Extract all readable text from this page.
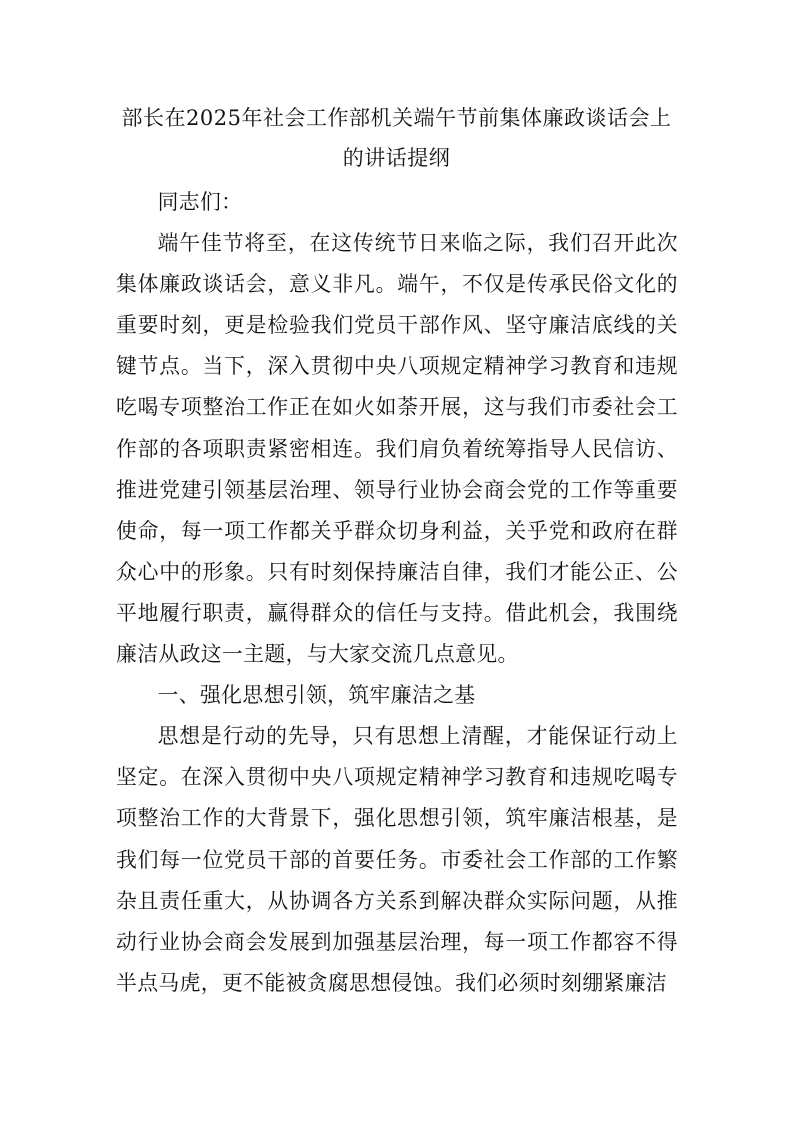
部长在2025年社会工作部机关端午节前集体廉政谈话会上的讲话提纲

同志们：

端午佳节将至，在这传统节日来临之际，我们召开此次集体廉政谈话会，意义非凡。端午，不仅是传承民俗文化的重要时刻，更是检验我们党员干部作风、坚守廉洁底线的关键节点。当下，深入贯彻中央八项规定精神学习教育和违规吃喝专项整治工作正在如火如荼开展，这与我们市委社会工作部的各项职责紧密相连。我们肩负着统筹指导人民信访、推进党建引领基层治理、领导行业协会商会党的工作等重要使命，每一项工作都关乎群众切身利益，关乎党和政府在群众心中的形象。只有时刻保持廉洁自律，我们才能公正、公平地履行职责，赢得群众的信任与支持。借此机会，我围绕廉洁从政这一主题，与大家交流几点意见。

一、强化思想引领，筑牢廉洁之基

思想是行动的先导，只有思想上清醒，才能保证行动上坚定。在深入贯彻中央八项规定精神学习教育和违规吃喝专项整治工作的大背景下，强化思想引领，筑牢廉洁根基，是我们每一位党员干部的首要任务。市委社会工作部的工作繁杂且责任重大，从协调各方关系到解决群众实际问题，从推动行业协会商会发展到加强基层治理，每一项工作都容不得半点马虎，更不能被贪腐思想侵蚀。我们必须时刻绷紧廉洁
